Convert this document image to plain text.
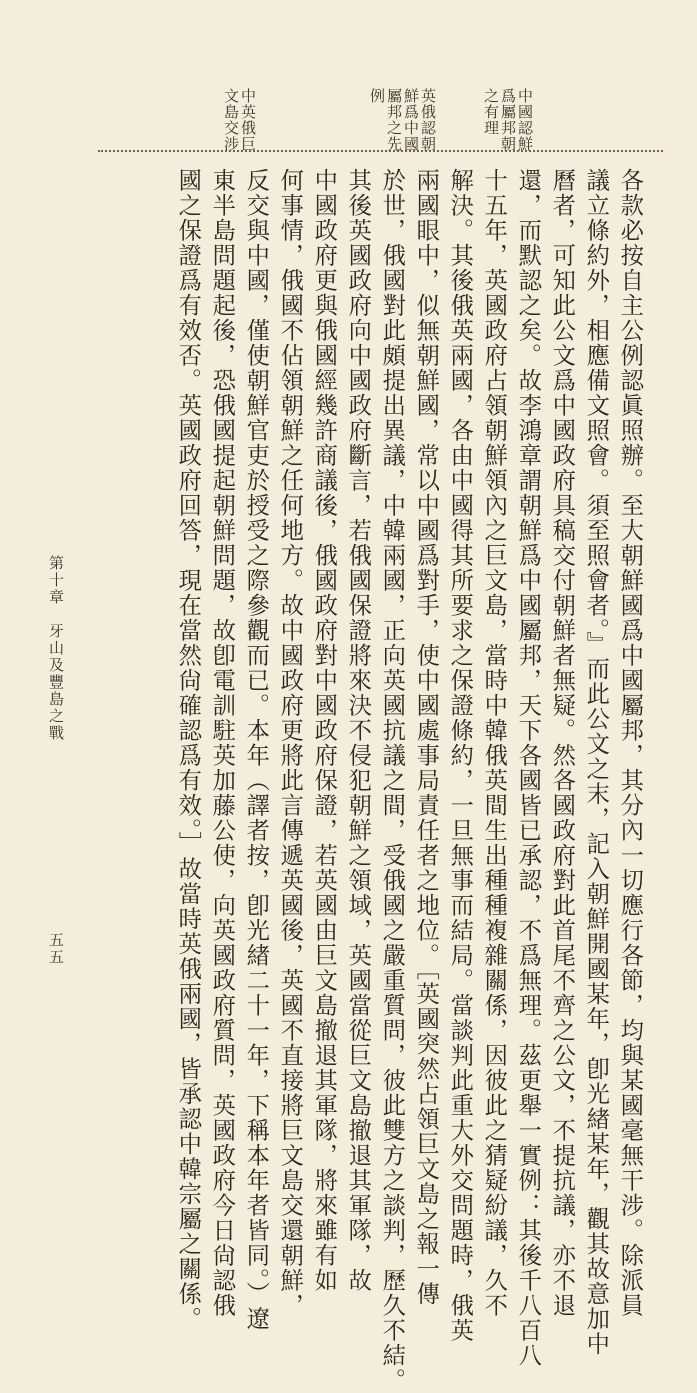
中國認鮮爲屬邦朝之有理
英俄認朝鮮爲中國屬邦之先例
中英俄巨文島交涉
各款必按自主公例認眞照辦。至大朝鮮國爲中國屬邦，其分內一切應行各節，均與某國毫無干涉。除派員
議立條約外，相應備文照會。須至照會者。』而此公文之末，記入朝鮮開國某年，卽光緖某年，觀其故意加中
曆者，可知此公文爲中國政府具稿交付朝鮮者無疑。然各國政府對此首尾不齊之公文，不提抗議，亦不退
還，而默認之矣。故李鴻章謂朝鮮爲中國屬邦，天下各國皆已承認，不爲無理。茲更舉一實例：其後千八百八
十五年，英國政府占領朝鮮領內之巨文島，當時中韓俄英間生出種種複雜關係，因彼此之猜疑紛議，久不
解決。其後俄英兩國，各由中國得其所要求之保證條約，一旦無事而結局。當談判此重大外交問題時，俄英
兩國眼中，似無朝鮮國，常以中國爲對手，使中國處事局責任者之地位。［英國突然占領巨文島之報一傳
於世，俄國對此頗提出異議，中韓兩國，正向英國抗議之間，受俄國之嚴重質問，彼此雙方之談判，歷久不結。
其後英國政府向中國政府斷言，若俄國保證將來決不侵犯朝鮮之領域，英國當從巨文島撤退其軍隊，故
中國政府更與俄國經幾許商議後，俄國政府對中國政府保證，若英國由巨文島撤退其軍隊，將來雖有如
何事情，俄國不佔領朝鮮之任何地方。故中國政府更將此言傳遞英國後，英國不直接將巨文島交還朝鮮，
反交與中國，僅使朝鮮官吏於授受之際參觀而已。本年（譯者按，卽光緖二十一年，下稱本年者皆同。）遼
東半島問題起後，恐俄國提起朝鮮問題，故卽電訓駐英加藤公使，向英國政府質問，英國政府今日尙認俄
國之保證爲有效否。英國政府回答，現在當然尙確認爲有效。］故當時英俄兩國，皆承認中韓宗屬之關係。
第十章　牙山及豐島之戰
五五
